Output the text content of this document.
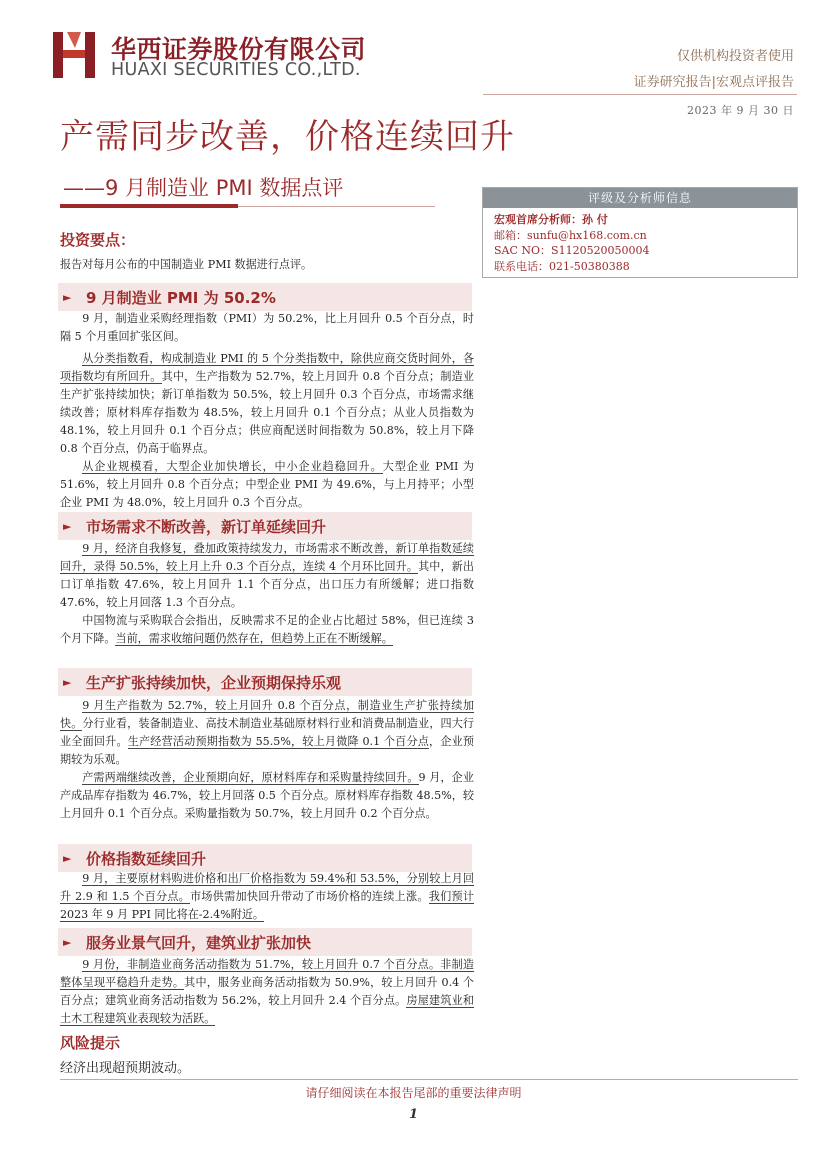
华西证券股份有限公司
HUAXI SECURITIES CO.,LTD.
仅供机构投资者使用
证券研究报告|宏观点评报告
2023 年 9 月 30 日
产需同步改善，价格连续回升
——9 月制造业 PMI 数据点评	评级及分析师信息
宏观首席分析师：孙 付
邮箱：sunfu@hx168.com.cn
SAC NO：S1120520050004
联系电话：021-50380388
投资要点：
报告对每月公布的中国制造业 PMI 数据进行点评。
► 9 月制造业 PMI 为 50.2%
9 月，制造业采购经理指数（PMI）为 50.2%，比上月回升 0.5 个百分点，时隔 5 个月重回扩张区间。
从分类指数看，构成制造业 PMI 的 5 个分类指数中，除供应商交货时间外，各项指数均有所回升。其中，生产指数为 52.7%，较上月回升 0.8 个百分点；制造业生产扩张持续加快；新订单指数为 50.5%，较上月回升 0.3 个百分点，市场需求继续改善；原材料库存指数为 48.5%，较上月回升 0.1 个百分点；从业人员指数为 48.1%，较上月回升 0.1 个百分点；供应商配送时间指数为 50.8%，较上月下降 0.8 个百分点，仍高于临界点。
从企业规模看，大型企业加快增长，中小企业趋稳回升。大型企业 PMI 为 51.6%，较上月回升 0.8 个百分点；中型企业 PMI 为 49.6%，与上月持平；小型企业 PMI 为 48.0%，较上月回升 0.3 个百分点。
► 市场需求不断改善，新订单延续回升
9 月，经济自我修复，叠加政策持续发力，市场需求不断改善，新订单指数延续回升，录得 50.5%，较上月上升 0.3 个百分点，连续 4 个月环比回升。其中，新出口订单指数 47.6%，较上月回升 1.1 个百分点，出口压力有所缓解；进口指数 47.6%，较上月回落 1.3 个百分点。
中国物流与采购联合会指出，反映需求不足的企业占比超过 58%，但已连续 3 个月下降。当前，需求收缩问题仍然存在，但趋势上正在不断缓解。
► 生产扩张持续加快，企业预期保持乐观
9 月生产指数为 52.7%，较上月回升 0.8 个百分点，制造业生产扩张持续加快。分行业看，装备制造业、高技术制造业基础原材料行业和消费品制造业，四大行业全面回升。生产经营活动预期指数为 55.5%，较上月微降 0.1 个百分点，企业预期较为乐观。
产需两端继续改善，企业预期向好，原材料库存和采购量持续回升。9 月，企业产成品库存指数为 46.7%，较上月回落 0.5 个百分点。原材料库存指数 48.5%，较上月回升 0.1 个百分点。采购量指数为 50.7%，较上月回升 0.2 个百分点。
► 价格指数延续回升
9 月，主要原材料购进价格和出厂价格指数为 59.4%和 53.5%，分别较上月回升 2.9 和 1.5 个百分点。市场供需加快回升带动了市场价格的连续上涨。我们预计 2023 年 9 月 PPI 同比将在-2.4%附近。
► 服务业景气回升，建筑业扩张加快
9 月份，非制造业商务活动指数为 51.7%，较上月回升 0.7 个百分点。非制造整体呈现平稳趋升走势。其中，服务业商务活动指数为 50.9%，较上月回升 0.4 个百分点；建筑业商务活动指数为 56.2%，较上月回升 2.4 个百分点。房屋建筑业和土木工程建筑业表现较为活跃。
风险提示
经济出现超预期波动。
请仔细阅读在本报告尾部的重要法律声明
1
